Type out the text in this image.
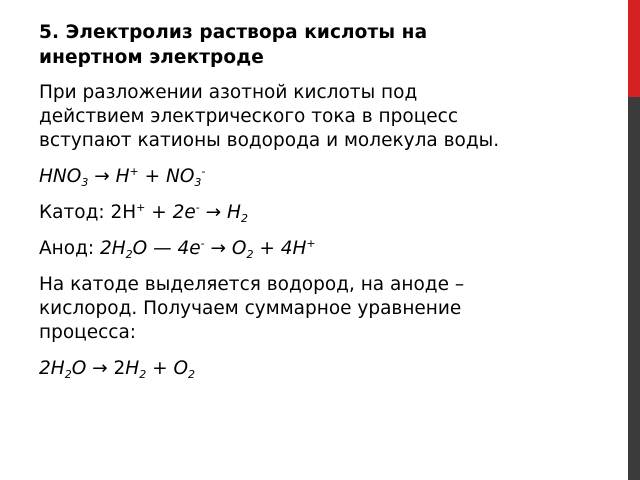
5. Электролиз раствора кислоты на
инертном электроде
При разложении азотной кислоты под
действием электрического тока в процесс
вступают катионы водорода и молекула воды.
$HNO_3 \to H^+ + NO_3^-$
Катод: $2H^+ + 2e^- \to H_2$
Анод: $2H_2O$ — $4e^- \to O_2 + 4H^+$
На катоде выделяется водород, на аноде –
кислород. Получаем суммарное уравнение
процесса:
$2H_2O \to 2H_2 + O_2$
